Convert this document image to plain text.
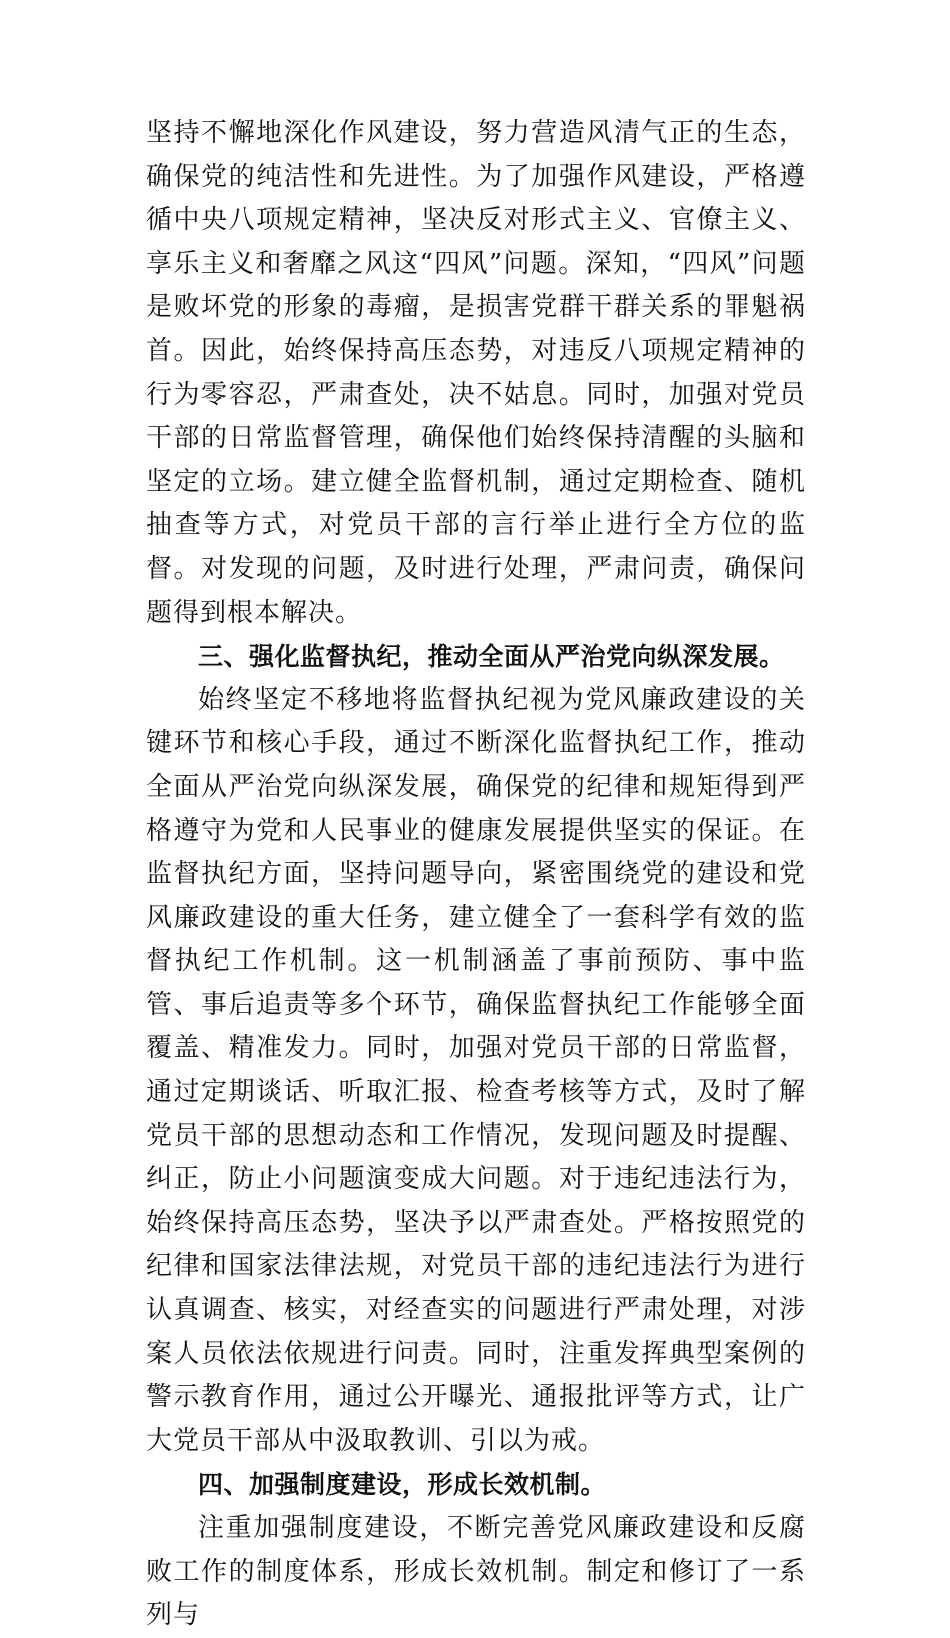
坚持不懈地深化作风建设，努力营造风清气正的生态，确保党的纯洁性和先进性。为了加强作风建设，严格遵循中央八项规定精神，坚决反对形式主义、官僚主义、享乐主义和奢靡之风这“四风”问题。深知，“四风”问题是败坏党的形象的毒瘤，是损害党群干群关系的罪魁祸首。因此，始终保持高压态势，对违反八项规定精神的行为零容忍，严肃查处，决不姑息。同时，加强对党员干部的日常监督管理，确保他们始终保持清醒的头脑和坚定的立场。建立健全监督机制，通过定期检查、随机抽查等方式，对党员干部的言行举止进行全方位的监督。对发现的问题，及时进行处理，严肃问责，确保问题得到根本解决。

三、强化监督执纪，推动全面从严治党向纵深发展。

始终坚定不移地将监督执纪视为党风廉政建设的关键环节和核心手段，通过不断深化监督执纪工作，推动全面从严治党向纵深发展，确保党的纪律和规矩得到严格遵守为党和人民事业的健康发展提供坚实的保证。在监督执纪方面，坚持问题导向，紧密围绕党的建设和党风廉政建设的重大任务，建立健全了一套科学有效的监督执纪工作机制。这一机制涵盖了事前预防、事中监管、事后追责等多个环节，确保监督执纪工作能够全面覆盖、精准发力。同时，加强对党员干部的日常监督，通过定期谈话、听取汇报、检查考核等方式，及时了解党员干部的思想动态和工作情况，发现问题及时提醒、纠正，防止小问题演变成大问题。对于违纪违法行为，始终保持高压态势，坚决予以严肃查处。严格按照党的纪律和国家法律法规，对党员干部的违纪违法行为进行认真调查、核实，对经查实的问题进行严肃处理，对涉案人员依法依规进行问责。同时，注重发挥典型案例的警示教育作用，通过公开曝光、通报批评等方式，让广大党员干部从中汲取教训、引以为戒。

四、加强制度建设，形成长效机制。

注重加强制度建设，不断完善党风廉政建设和反腐败工作的制度体系，形成长效机制。制定和修订了一系列与
